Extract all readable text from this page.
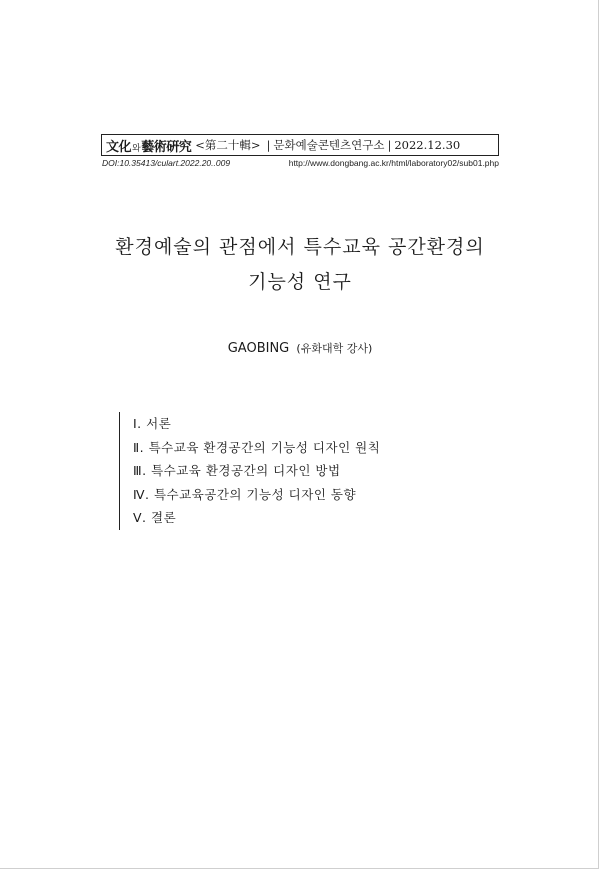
文化와藝術硏究 <第二十輯> | 문화예술콘텐츠연구소 | 2022.12.30
DOI:10.35413/culart.2022.20..009	http://www.dongbang.ac.kr/html/laboratory02/sub01.php
환경예술의 관점에서 특수교육 공간환경의
기능성 연구
GAOBING (유화대학 강사)
Ⅰ. 서론
Ⅱ. 특수교육 환경공간의 기능성 디자인 원칙
Ⅲ. 특수교육 환경공간의 디자인 방법
Ⅳ. 특수교육공간의 기능성 디자인 동향
Ⅴ. 결론
